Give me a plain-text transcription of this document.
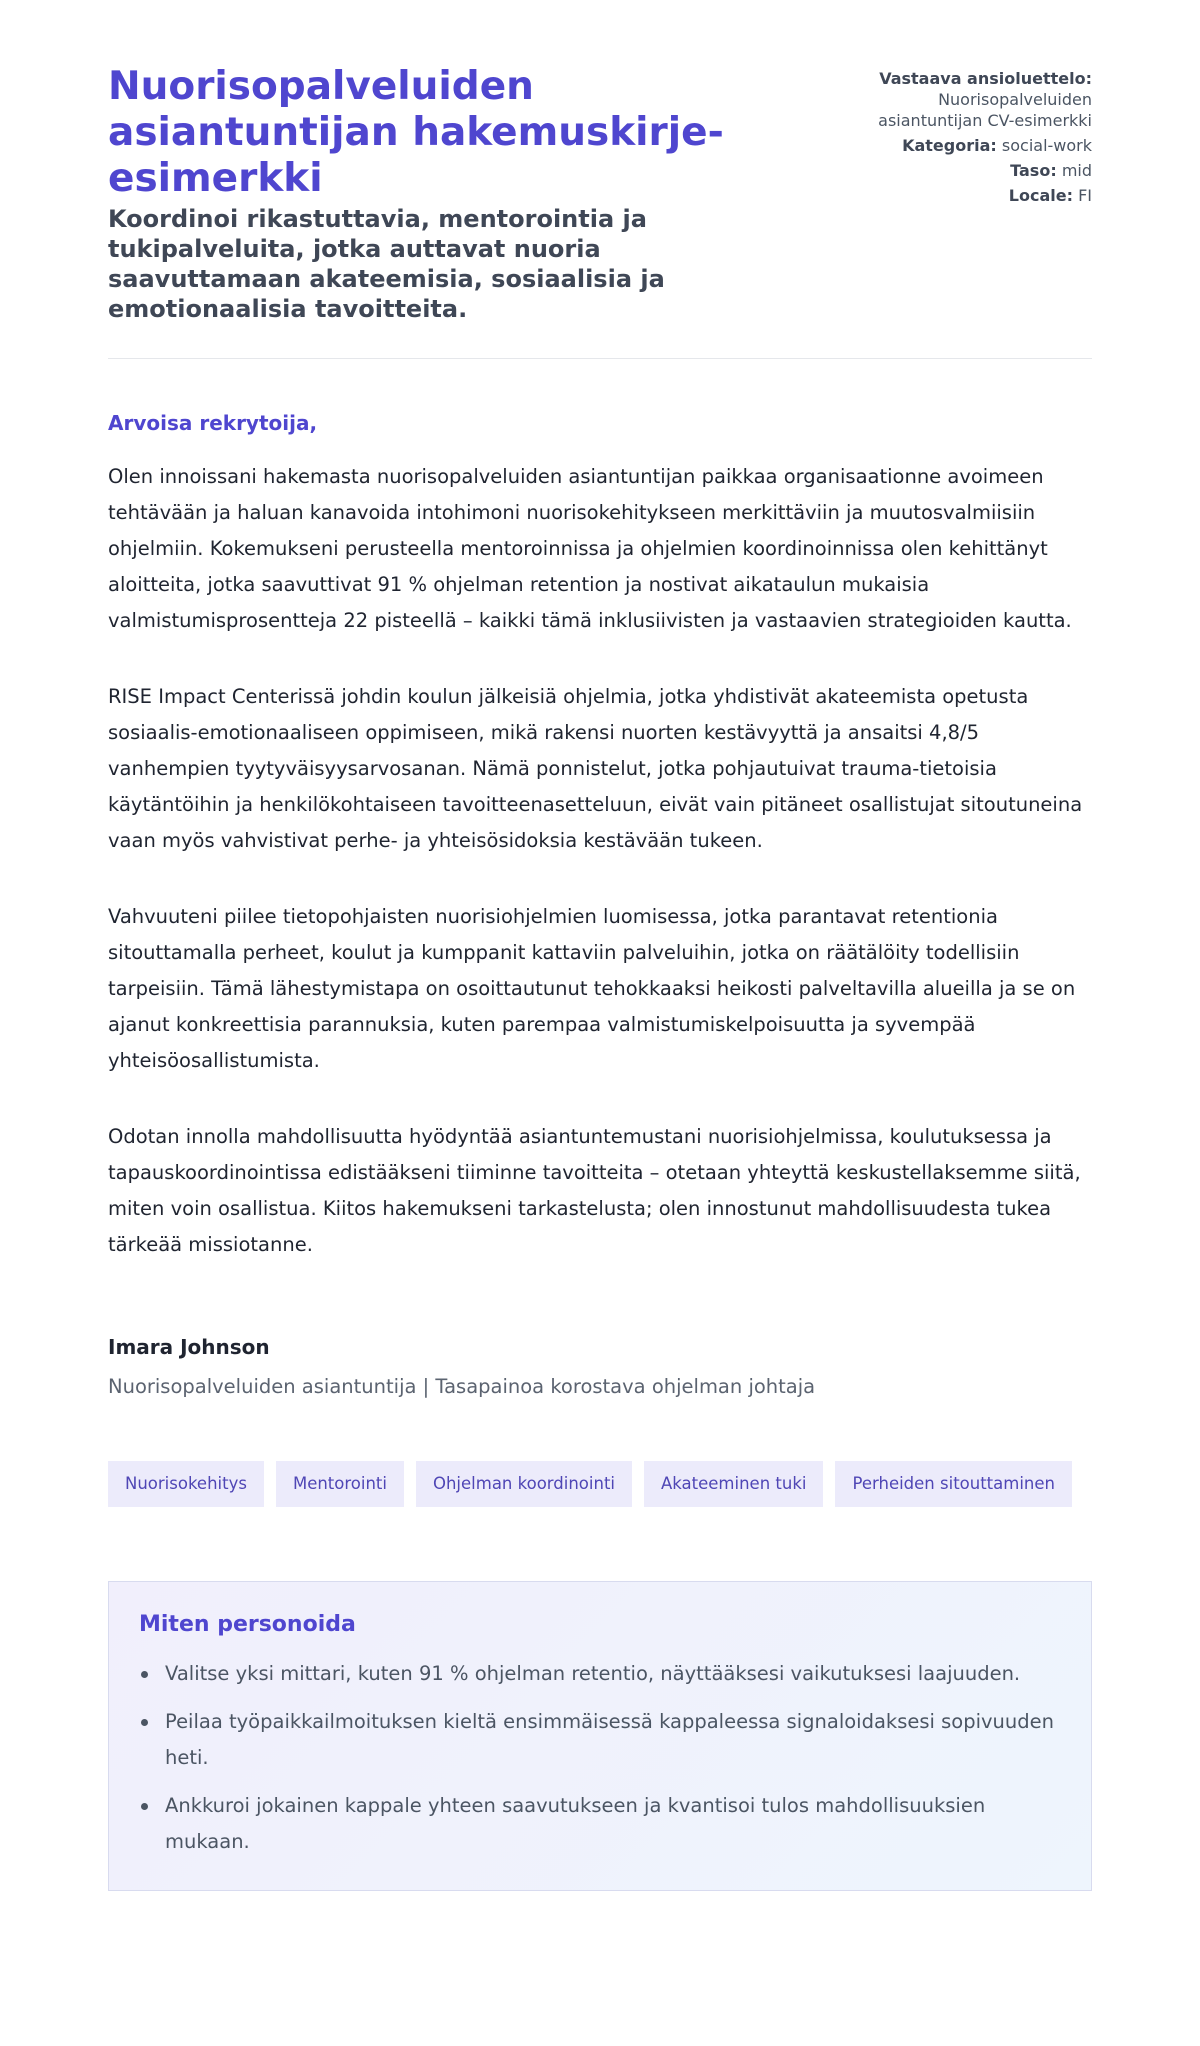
Nuorisopalveluiden asiantuntijan hakemuskirje-esimerkki
Koordinoi rikastuttavia, mentorointia ja tukipalveluita, jotka auttavat nuoria saavuttamaan akateemisia, sosiaalisia ja emotionaalisia tavoitteita.
Vastaava ansioluettelo:
Nuorisopalveluiden asiantuntijan CV-esimerkki
Kategoria: social-work
Taso: mid
Locale: FI

Arvoisa rekrytoija,

Olen innoissani hakemasta nuorisopalveluiden asiantuntijan paikkaa organisaationne avoimeen tehtävään ja haluan kanavoida intohimoni nuorisokehitykseen merkittäviin ja muutosvalmiisiin ohjelmiin. Kokemukseni perusteella mentoroinnissa ja ohjelmien koordinoinnissa olen kehittänyt aloitteita, jotka saavuttivat 91 % ohjelman retention ja nostivat aikataulun mukaisia valmistumisprosentteja 22 pisteellä – kaikki tämä inklusiivisten ja vastaavien strategioiden kautta.

RISE Impact Centerissä johdin koulun jälkeisiä ohjelmia, jotka yhdistivät akateemista opetusta sosiaalis-emotionaaliseen oppimiseen, mikä rakensi nuorten kestävyyttä ja ansaitsi 4,8/5 vanhempien tyytyväisyysarvosanan. Nämä ponnistelut, jotka pohjautuivat trauma-tietoisia käytäntöihin ja henkilökohtaiseen tavoitteenasetteluun, eivät vain pitäneet osallistujat sitoutuneina vaan myös vahvistivat perhe- ja yhteisösidoksia kestävään tukeen.

Vahvuuteni piilee tietopohjaisten nuorisiohjelmien luomisessa, jotka parantavat retentionia sitouttamalla perheet, koulut ja kumppanit kattaviin palveluihin, jotka on räätälöity todellisiin tarpeisiin. Tämä lähestymistapa on osoittautunut tehokkaaksi heikosti palveltavilla alueilla ja se on ajanut konkreettisia parannuksia, kuten parempaa valmistumiskelpoisuutta ja syvempää yhteisöosallistumista.

Odotan innolla mahdollisuutta hyödyntää asiantuntemustani nuorisiohjelmissa, koulutuksessa ja tapauskoordinointissa edistääkseni tiiminne tavoitteita – otetaan yhteyttä keskustellaksemme siitä, miten voin osallistua. Kiitos hakemukseni tarkastelusta; olen innostunut mahdollisuudesta tukea tärkeää missiotanne.

Imara Johnson
Nuorisopalveluiden asiantuntija | Tasapainoa korostava ohjelman johtaja
Nuorisokehitys	Mentorointi	Ohjelman koordinointi	Akateeminen tuki	Perheiden sitouttaminen
Miten personoida
Valitse yksi mittari, kuten 91 % ohjelman retentio, näyttääksesi vaikutuksesi laajuuden.
Peilaa työpaikkailmoituksen kieltä ensimmäisessä kappaleessa signaloidaksesi sopivuuden heti.
Ankkuroi jokainen kappale yhteen saavutukseen ja kvantisoi tulos mahdollisuuksien mukaan.
